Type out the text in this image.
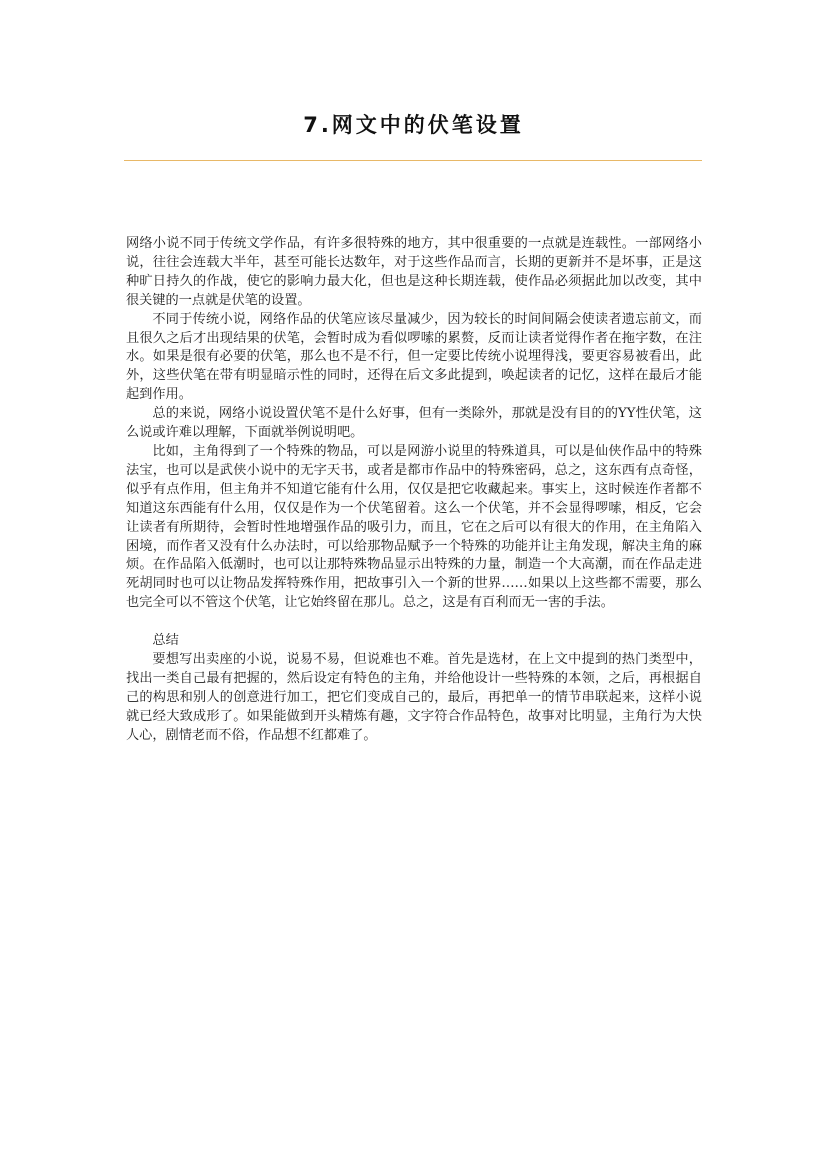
7.网文中的伏笔设置

网络小说不同于传统文学作品，有许多很特殊的地方，其中很重要的一点就是连载性。一部网络小说，往往会连载大半年，甚至可能长达数年，对于这些作品而言，长期的更新并不是坏事，正是这种旷日持久的作战，使它的影响力最大化，但也是这种长期连载，使作品必须据此加以改变，其中很关键的一点就是伏笔的设置。

不同于传统小说，网络作品的伏笔应该尽量减少，因为较长的时间间隔会使读者遗忘前文，而且很久之后才出现结果的伏笔，会暂时成为看似啰嗦的累赘，反而让读者觉得作者在拖字数，在注水。如果是很有必要的伏笔，那么也不是不行，但一定要比传统小说埋得浅，要更容易被看出，此外，这些伏笔在带有明显暗示性的同时，还得在后文多此提到，唤起读者的记忆，这样在最后才能起到作用。

总的来说，网络小说设置伏笔不是什么好事，但有一类除外，那就是没有目的的YY性伏笔，这么说或许难以理解，下面就举例说明吧。

比如，主角得到了一个特殊的物品，可以是网游小说里的特殊道具，可以是仙侠作品中的特殊法宝，也可以是武侠小说中的无字天书，或者是都市作品中的特殊密码，总之，这东西有点奇怪，似乎有点作用，但主角并不知道它能有什么用，仅仅是把它收藏起来。事实上，这时候连作者都不知道这东西能有什么用，仅仅是作为一个伏笔留着。这么一个伏笔，并不会显得啰嗦，相反，它会让读者有所期待，会暂时性地增强作品的吸引力，而且，它在之后可以有很大的作用，在主角陷入困境，而作者又没有什么办法时，可以给那物品赋予一个特殊的功能并让主角发现，解决主角的麻烦。在作品陷入低潮时，也可以让那特殊物品显示出特殊的力量，制造一个大高潮，而在作品走进死胡同时也可以让物品发挥特殊作用，把故事引入一个新的世界……如果以上这些都不需要，那么也完全可以不管这个伏笔，让它始终留在那儿。总之，这是有百利而无一害的手法。

总结

要想写出卖座的小说，说易不易，但说难也不难。首先是选材，在上文中提到的热门类型中，找出一类自己最有把握的，然后设定有特色的主角，并给他设计一些特殊的本领，之后，再根据自己的构思和别人的创意进行加工，把它们变成自己的，最后，再把单一的情节串联起来，这样小说就已经大致成形了。如果能做到开头精炼有趣，文字符合作品特色，故事对比明显，主角行为大快人心，剧情老而不俗，作品想不红都难了。
